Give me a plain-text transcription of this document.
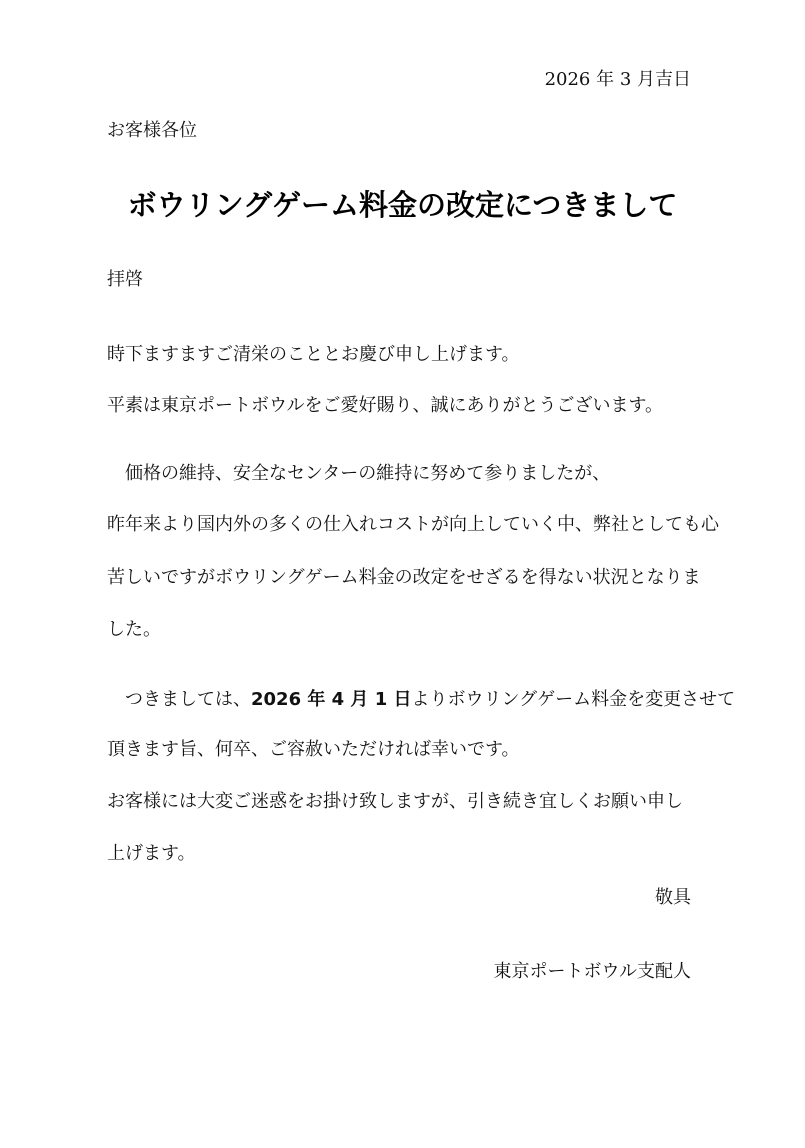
2026 年 3 月吉日
お客様各位
ボウリングゲーム料金の改定につきまして
拝啓
時下ますますご清栄のこととお慶び申し上げます。
平素は東京ポートボウルをご愛好賜り、誠にありがとうございます。
　価格の維持、安全なセンターの維持に努めて参りましたが、
昨年来より国内外の多くの仕入れコストが向上していく中、弊社としても心
苦しいですがボウリングゲーム料金の改定をせざるを得ない状況となりま
した。
　つきましては、2026 年 4 月 1 日よりボウリングゲーム料金を変更させて
頂きます旨、何卒、ご容赦いただければ幸いです。
お客様には大変ご迷惑をお掛け致しますが、引き続き宜しくお願い申し
上げます。
敬具
東京ポートボウル支配人
